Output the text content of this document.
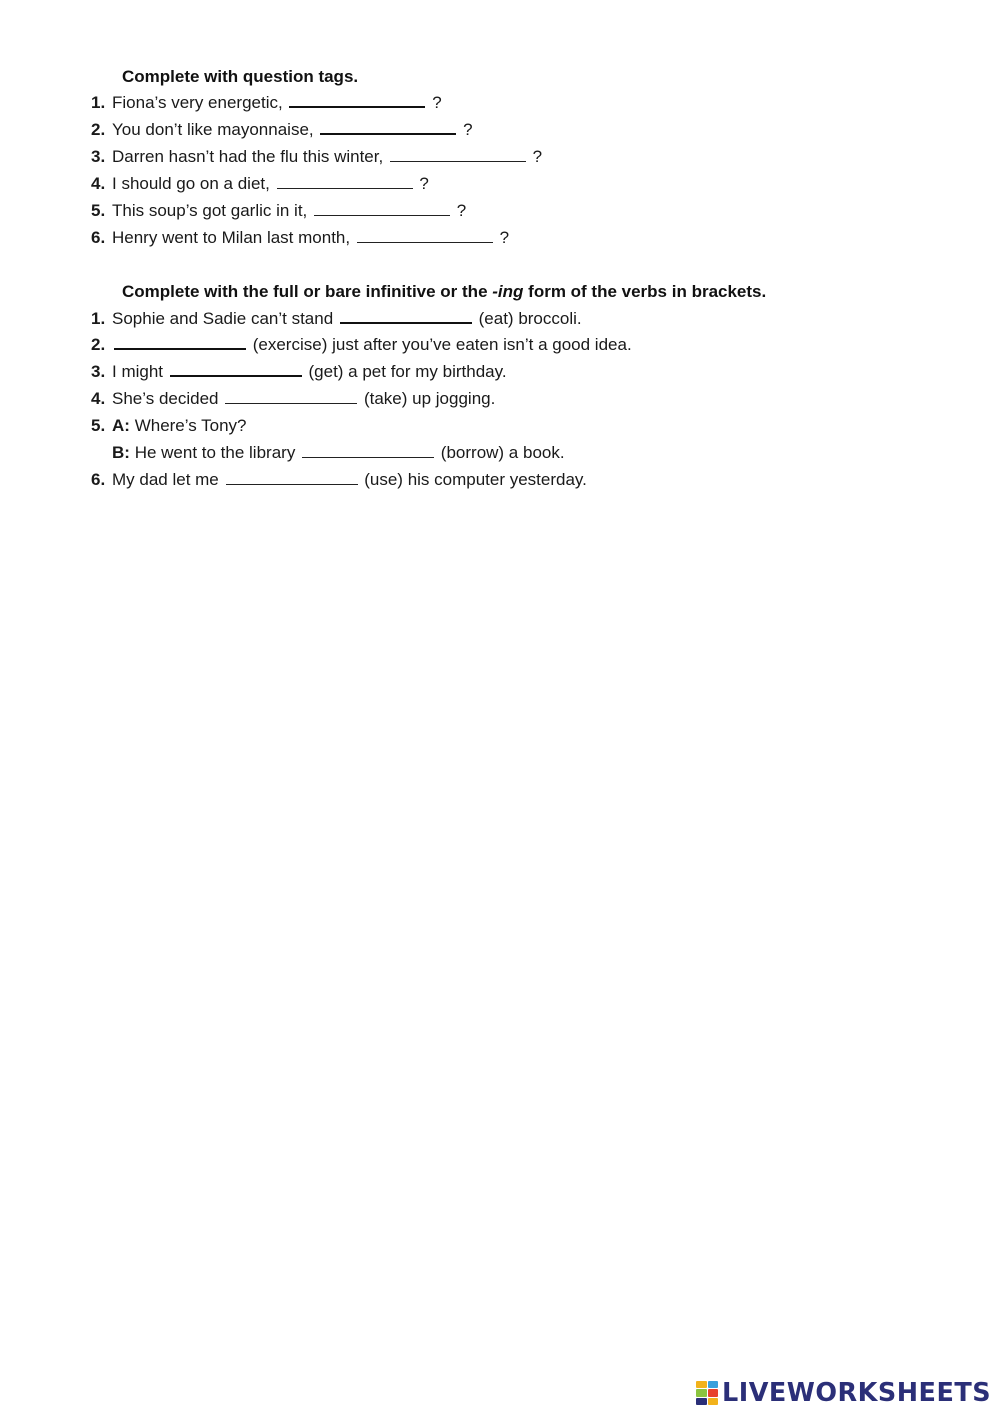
Complete with question tags.
1. Fiona’s very energetic,	?
2. You don’t like mayonnaise,	?
3. Darren hasn’t had the flu this winter,	?
4. I should go on a diet,	?
5. This soup’s got garlic in it,	?
6. Henry went to Milan last month,	?
Complete with the full or bare infinitive or the -ing form of the verbs in brackets.
1. Sophie and Sadie can’t stand	(eat) broccoli.
2.	(exercise) just after you’ve eaten isn’t a good idea.
3. I might	(get) a pet for my birthday.
4. She’s decided	(take) up jogging.
5. A: Where’s Tony?
B: He went to the library	(borrow) a book.
6. My dad let me	(use) his computer yesterday.
LIVEWORKSHEETS
